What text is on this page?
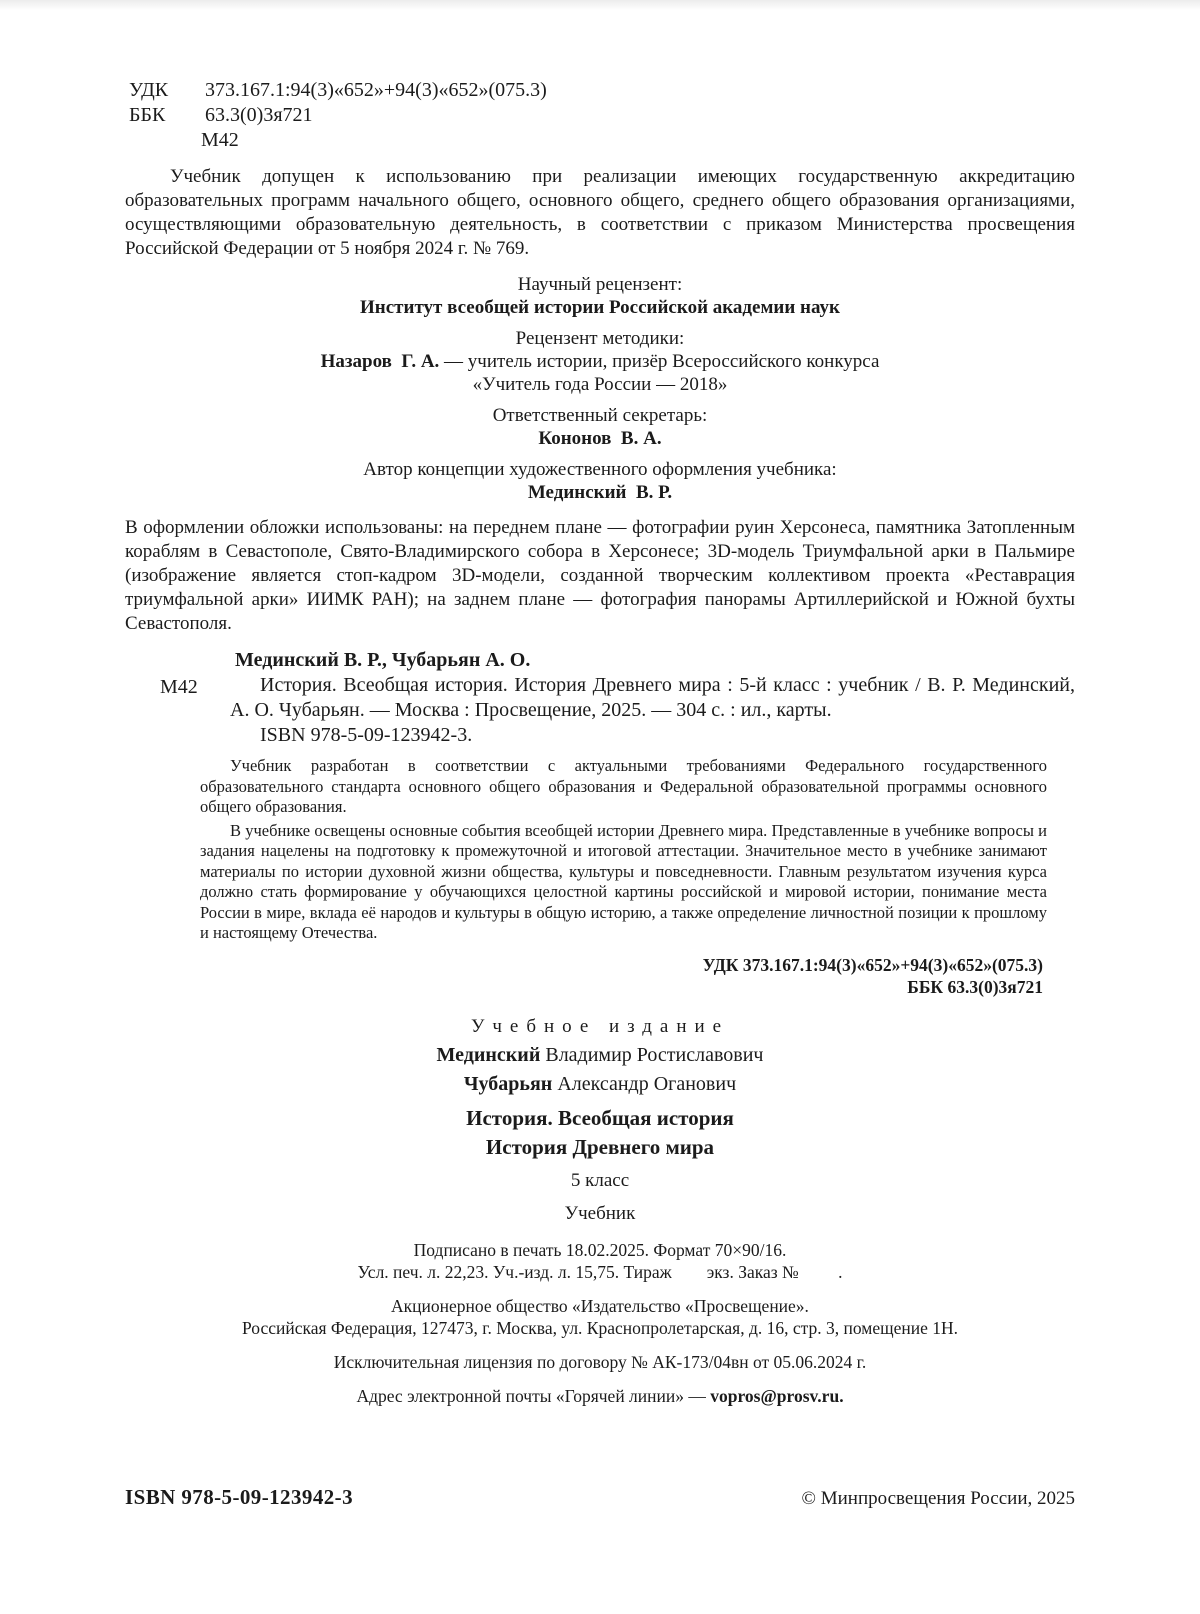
УДК	373.167.1:94(3)«652»+94(3)«652»(075.3)
ББК	63.3(0)3я721
М42

Учебник допущен к использованию при реализации имеющих государственную аккредитацию образовательных программ начального общего, основного общего, среднего общего образования организациями, осуществляющими образовательную деятельность, в соответствии с приказом Министерства просвещения Российской Федерации от 5 ноября 2024 г. № 769.

Научный рецензент:

Институт всеобщей истории Российской академии наук

Рецензент методики:

Назаров  Г. А. — учитель истории, призёр Всероссийского конкурса

«Учитель года России — 2018»

Ответственный секретарь:

Кононов  В. А.

Автор концепции художественного оформления учебника:

Мединский  В. Р.

В оформлении обложки использованы: на переднем плане — фотографии руин Херсонеса, памятника Затопленным кораблям в Севастополе, Свято-Владимирского собора в Херсонесе; 3D-модель Триумфальной арки в Пальмире (изображение является стоп-кадром 3D-модели, созданной творческим коллективом проекта «Реставрация триумфальной арки» ИИМК РАН); на заднем плане — фотография панорамы Артиллерийской и Южной бухты Севастополя.

Мединский В. Р., Чубарьян А. О.
М42	История. Всеобщая история. История Древнего мира : 5-й класс : учебник / В. Р. Мединский, А. О. Чубарьян. — Москва : Просвещение, 2025. — 304 с. : ил., карты.

ISBN 978-5-09-123942-3.

Учебник разработан в соответствии с актуальными требованиями Федерального государственного образовательного стандарта основного общего образования и Федеральной образовательной программы основного общего образования.

В учебнике освещены основные события всеобщей истории Древнего мира. Представленные в учебнике вопросы и задания нацелены на подготовку к промежуточной и итоговой аттестации. Значительное место в учебнике занимают материалы по истории духовной жизни общества, культуры и повседневности. Главным результатом изучения курса должно стать формирование у обучающихся целостной картины российской и мировой истории, понимание места России в мире, вклада её народов и культуры в общую историю, а также определение личностной позиции к прошлому и настоящему Отечества.

УДК 373.167.1:94(3)«652»+94(3)«652»(075.3)
ББК 63.3(0)3я721

Учебное издание

Мединский Владимир Ростиславович

Чубарьян Александр Оганович

История. Всеобщая история

История Древнего мира

5 класс

Учебник

Подписано в печать 18.02.2025. Формат 70×90/16.

Усл. печ. л. 22,23. Уч.-изд. л. 15,75. Тираж        экз. Заказ №         .

Акционерное общество «Издательство «Просвещение».

Российская Федерация, 127473, г. Москва, ул. Краснопролетарская, д. 16, стр. 3, помещение 1Н.

Исключительная лицензия по договору № АК-173/04вн от 05.06.2024 г.

Адрес электронной почты «Горячей линии» — vopros@prosv.ru.

ISBN 978-5-09-123942-3	© Минпросвещения России, 2025
